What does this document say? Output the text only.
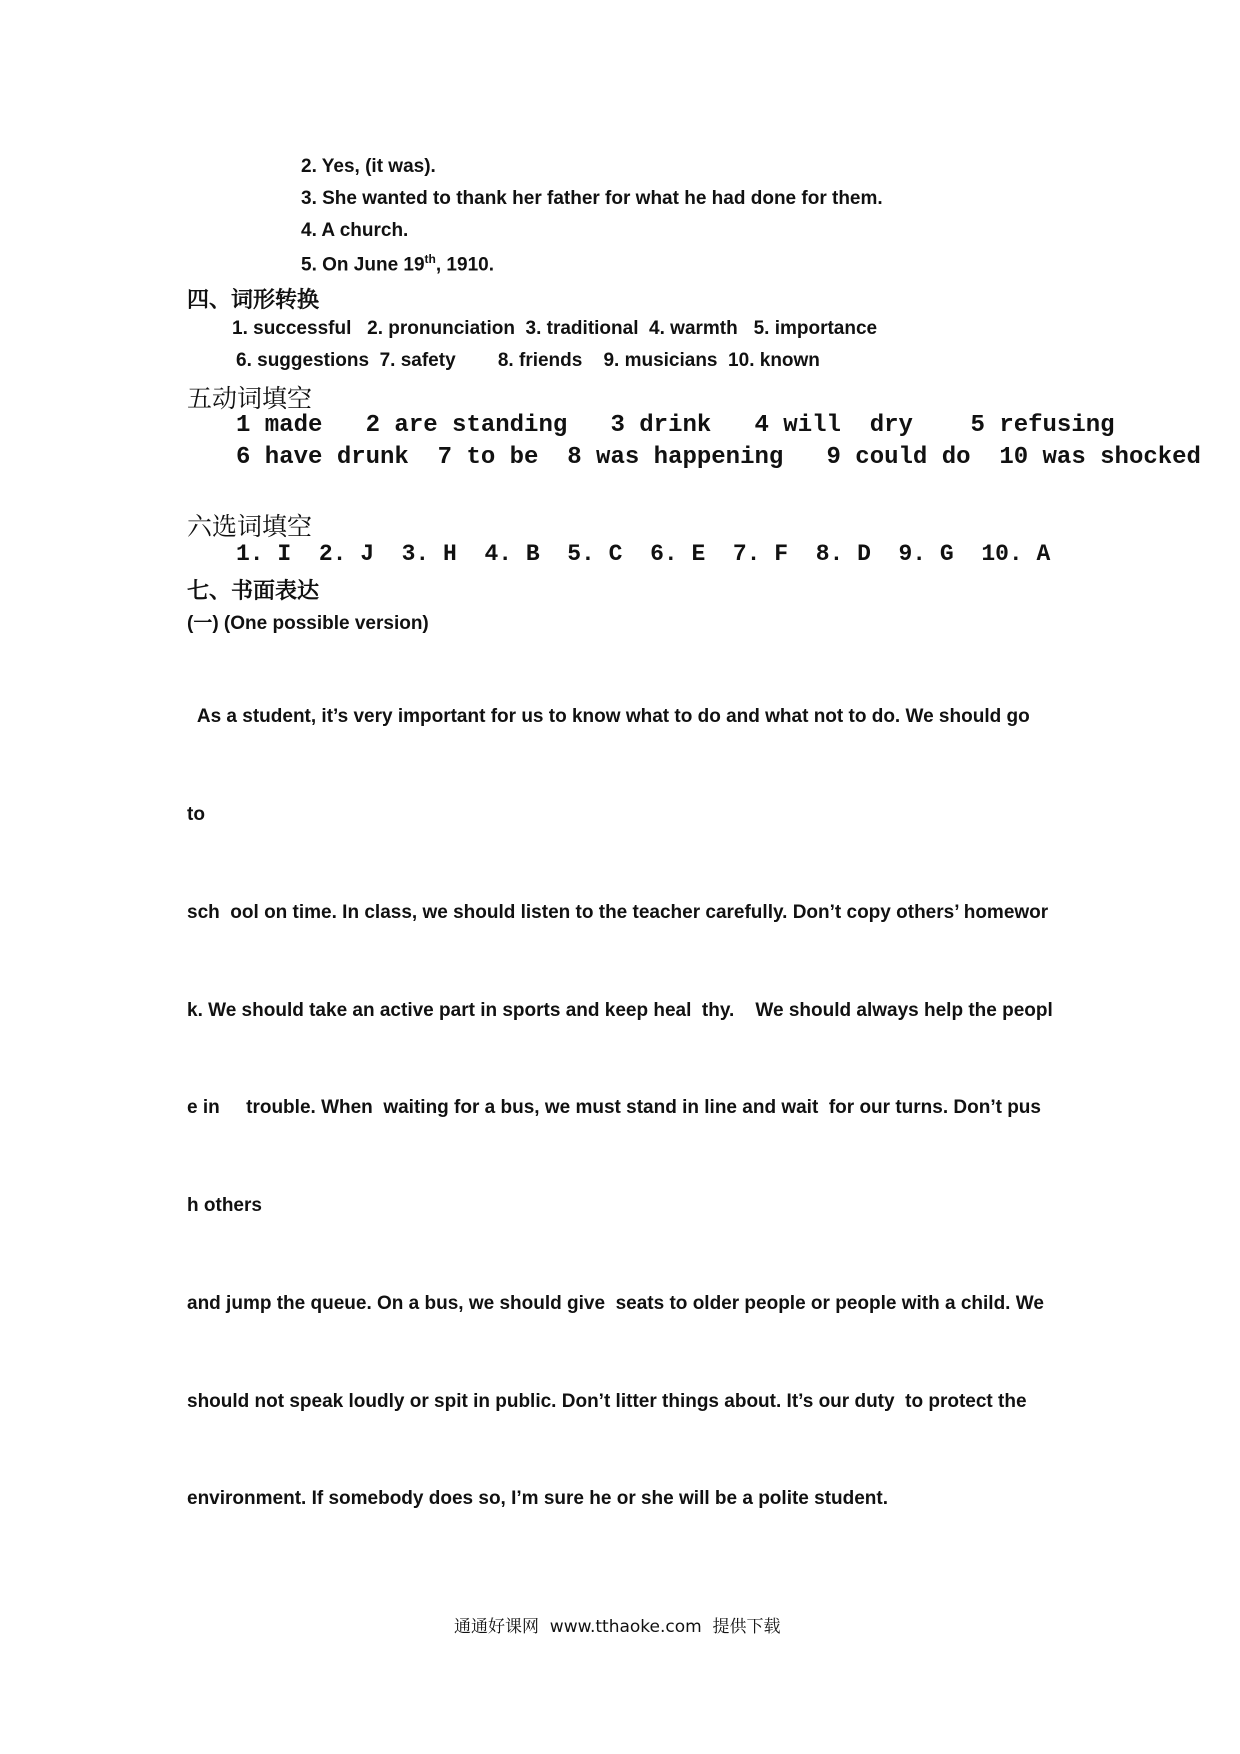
2. Yes, (it was).
3. She wanted to thank her father for what he had done for them.
4. A church.
5. On June 19th, 1910.
四、词形转换
1. successful   2. pronunciation  3. traditional  4. warmth   5. importance
6. suggestions  7. safety        8. friends    9. musicians  10. known
五动词填空
1 made   2 are standing   3 drink   4 will  dry    5 refusing
6 have drunk  7 to be  8 was happening   9 could do  10 was shocked
六选词填空
1. I  2. J  3. H  4. B  5. C  6. E  7. F  8. D  9. G  10. A
七、书面表达
(一) (One possible version)

As a student, it’s very important for us to know what to do and what not to do. We should go

to

sch  ool on time. In class, we should listen to the teacher carefully. Don’t copy others’ homewor

k. We should take an active part in sports and keep heal  thy.    We should always help the peopl

e in     trouble. When  waiting for a bus, we must stand in line and wait  for our turns. Don’t pus

h others

and jump the queue. On a bus, we should give  seats to older people or people with a child. We

should not speak loudly or spit in public. Don’t litter things about. It’s our duty  to protect the

environment. If somebody does so, I’m sure he or she will be a polite student.

通通好课网  www.tthaoke.com  提供下载
